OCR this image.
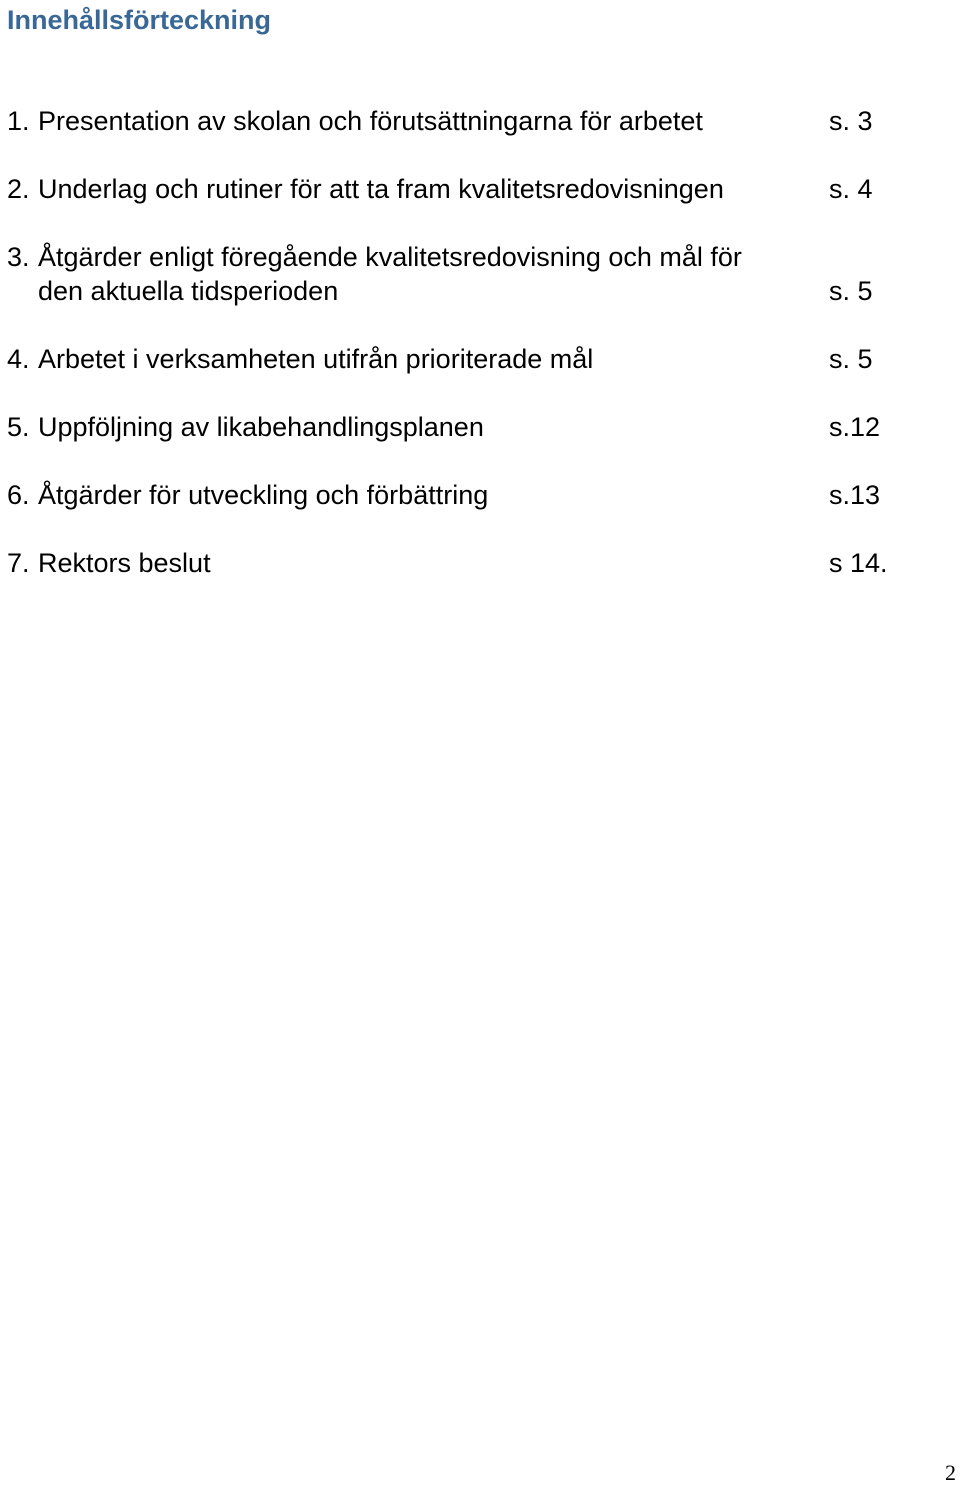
Innehållsförteckning
1. Presentation av skolan och förutsättningarna för arbetet	s. 3
2. Underlag och rutiner för att ta fram kvalitetsredovisningen	s. 4
3. Åtgärder enligt föregående kvalitetsredovisning och mål för
den aktuella tidsperioden	s. 5
4. Arbetet i verksamheten utifrån prioriterade mål	s. 5
5. Uppföljning av likabehandlingsplanen	s.12
6. Åtgärder för utveckling och förbättring	s.13
7. Rektors beslut	s 14.
2
